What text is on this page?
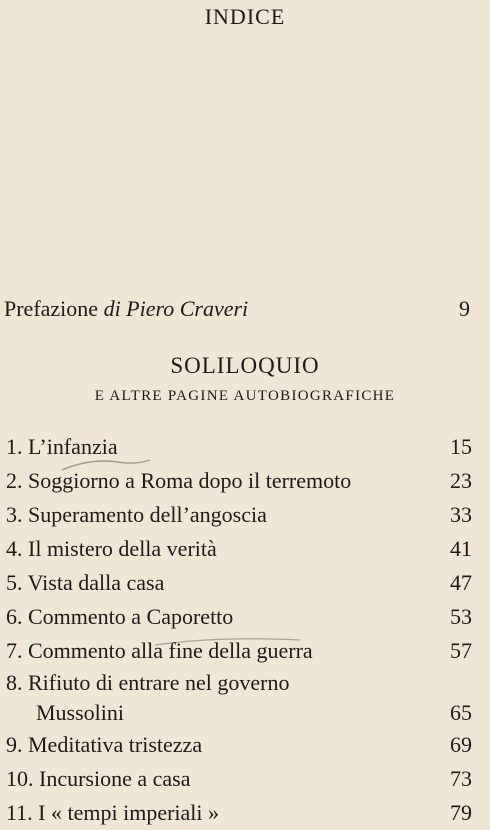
INDICE
Prefazione di Piero Craveri	9
SOLILOQUIO
E ALTRE PAGINE AUTOBIOGRAFICHE
1. L’infanzia	15
2. Soggiorno a Roma dopo il terremoto	23
3. Superamento dell’angoscia	33
4. Il mistero della verità	41
5. Vista dalla casa	47
6. Commento a Caporetto	53
7. Commento alla fine della guerra	57
8. Rifiuto di entrare nel governo
Mussolini	65
9. Meditativa tristezza	69
10. Incursione a casa	73
11. I « tempi imperiali »	79
